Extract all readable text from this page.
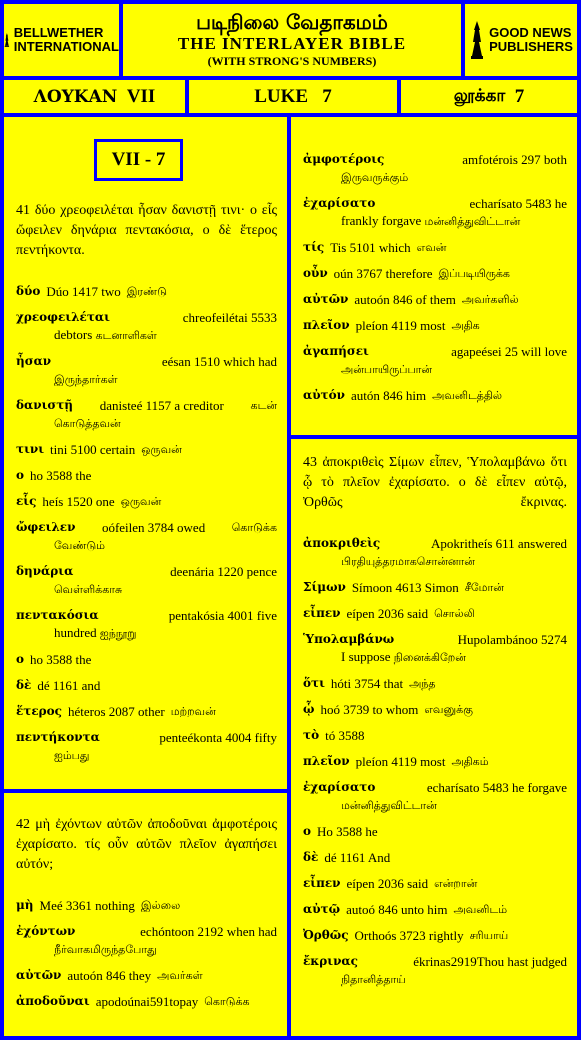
BELLWETHER
INTERNATIONAL
படிநிலை வேதாகமம்
THE INTERLAYER BIBLE
(WITH STRONG'S NUMBERS)
GOOD NEWS
PUBLISHERS
ΛΟΥΚΑΝ
VII	LUKE
7	லூக்கா
7
VII - 7
41 δύο χρεοφειλέται ἦσαν δανιστῇ τινι· ο εἷς ὤφειλεν δηνάρια πεντακόσια, ο δὲ ἕτερος πεντήκοντα.
δύο Dúo 1417 two இரண்டு
χρεοφειλέται	chreofeilétai 5533
debtors கடனாளிகள்
ἦσαν	eésan 1510 which had
இருந்தார்கள்
δανιστῇ danisteé 1157 a creditor கடன்
கொடுத்தவன்
τινι tini 5100 certain ஒருவன்
ο ho 3588 the
εἷς heís 1520 one ஒருவன்
ὤφειλεν oófeilen 3784 owed கொடுக்க
வேண்டும்
δηνάρια	deenária 1220 pence
வெள்ளிக்காசு
πεντακόσια	pentakósia 4001 five
hundred ஐந்நூறு
ο ho 3588 the
δὲ dé 1161 and
ἕτερος héteros 2087 other மற்றவன்
πεντήκοντα	penteékonta 4004 fifty
ஐம்பது
42 μὴ ἐχόντων αὐτῶν ἀποδοῦναι ἀμφοτέροις ἐχαρίσατο. τίς οὖν αὐτῶν πλεῖον ἀγαπήσει αὐτόν;
μὴ Meé 3361 nothing இல்லை
ἐχόντων	echóntoon 2192 when had
நீர்வாகமிருந்தபோது
αὐτῶν autoón 846 they அவர்கள்
ἀποδοῦναι apodoúnai591topay கொடுக்க
ἀμφοτέροις	amfotérois 297 both
இருவருக்கும்
ἐχαρίσατο	echarísato 5483 he
frankly forgave மன்னித்துவிட்டான்
τίς Tis 5101 which எவன்
οὖν oún 3767 therefore இப்படியிருக்க
αὐτῶν autoón 846 of them அவர்களில்
πλεῖον pleíon 4119 most அதிக
ἀγαπήσει	agapeései 25 will love
அன்பாயிருப்பான்
αὐτόν autón 846 him அவனிடத்தில்
43 ἀποκριθεὶς Σίμων εἶπεν, Ὑπολαμβάνω ὅτι ᾧ τὸ πλεῖον ἐχαρίσατο. ο δὲ εἶπεν αὐτῷ, Ὀρθῶς ἔκρινας.
ἀποκριθεὶς	Apokritheís 611 answered
பிரதியுத்தரமாகசொன்னான்
Σίμων Símoon 4613 Simon சீமோன்
εἶπεν eípen 2036 said சொல்லி
Ὑπολαμβάνω	Hupolambánoo 5274
I suppose நினைக்கிறேன்
ὅτι hóti 3754 that அந்த
ᾧ hoó 3739 to whom எவனுக்கு
τὸ tó 3588
πλεῖον pleíon 4119 most அதிகம்
ἐχαρίσατο	echarísato 5483 he forgave
மன்னித்துவிட்டான்
ο Ho 3588 he
δὲ dé 1161 And
εἶπεν eípen 2036 said என்றான்
αὐτῷ autoó 846 unto him அவனிடம்
Ὀρθῶς Orthoós 3723 rightly சரியாய்
ἔκρινας	ékrinas2919Thou hast judged
நிதானித்தாய்
